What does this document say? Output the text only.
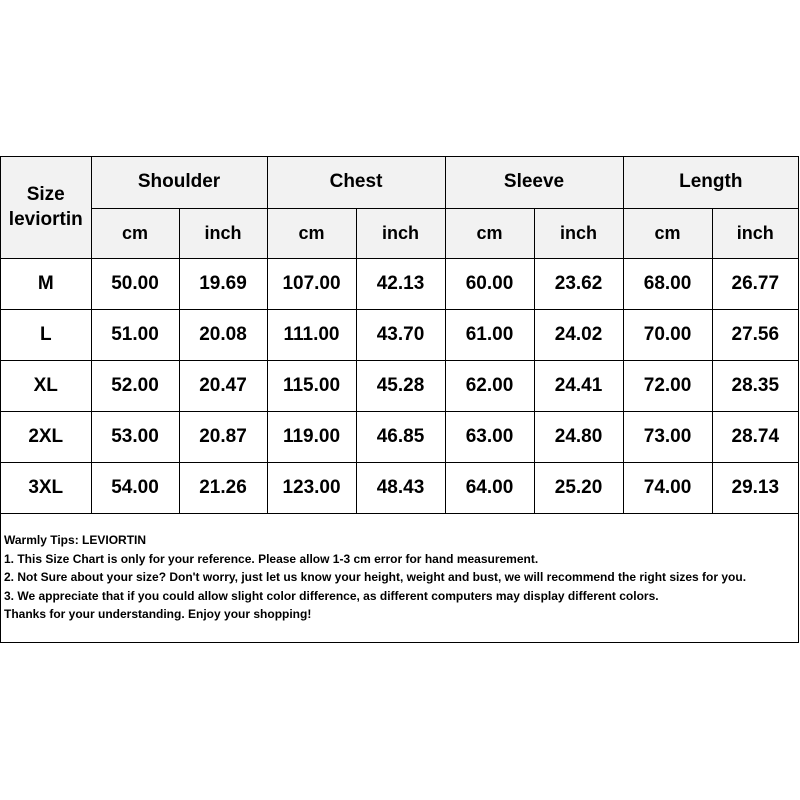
Size
leviortin	Shoulder		Chest		Sleeve		Length	
	cm	inch	cm	inch	cm	inch	cm	inch
M	50.00	19.69	107.00	42.13	60.00	23.62	68.00	26.77
L	51.00	20.08	111.00	43.70	61.00	24.02	70.00	27.56
XL	52.00	20.47	115.00	45.28	62.00	24.41	72.00	28.35
2XL	53.00	20.87	119.00	46.85	63.00	24.80	73.00	28.74
3XL	54.00	21.26	123.00	48.43	64.00	25.20	74.00	29.13
Warmly Tips: LEVIORTIN
1. This Size Chart is only for your reference. Please allow 1-3 cm error for hand measurement.
2. Not Sure about your size? Don't worry, just let us know your height, weight and bust, we will recommend the right sizes for you.
3. We appreciate that if you could allow slight color difference, as different computers may display different colors.
Thanks for your understanding. Enjoy your shopping!
